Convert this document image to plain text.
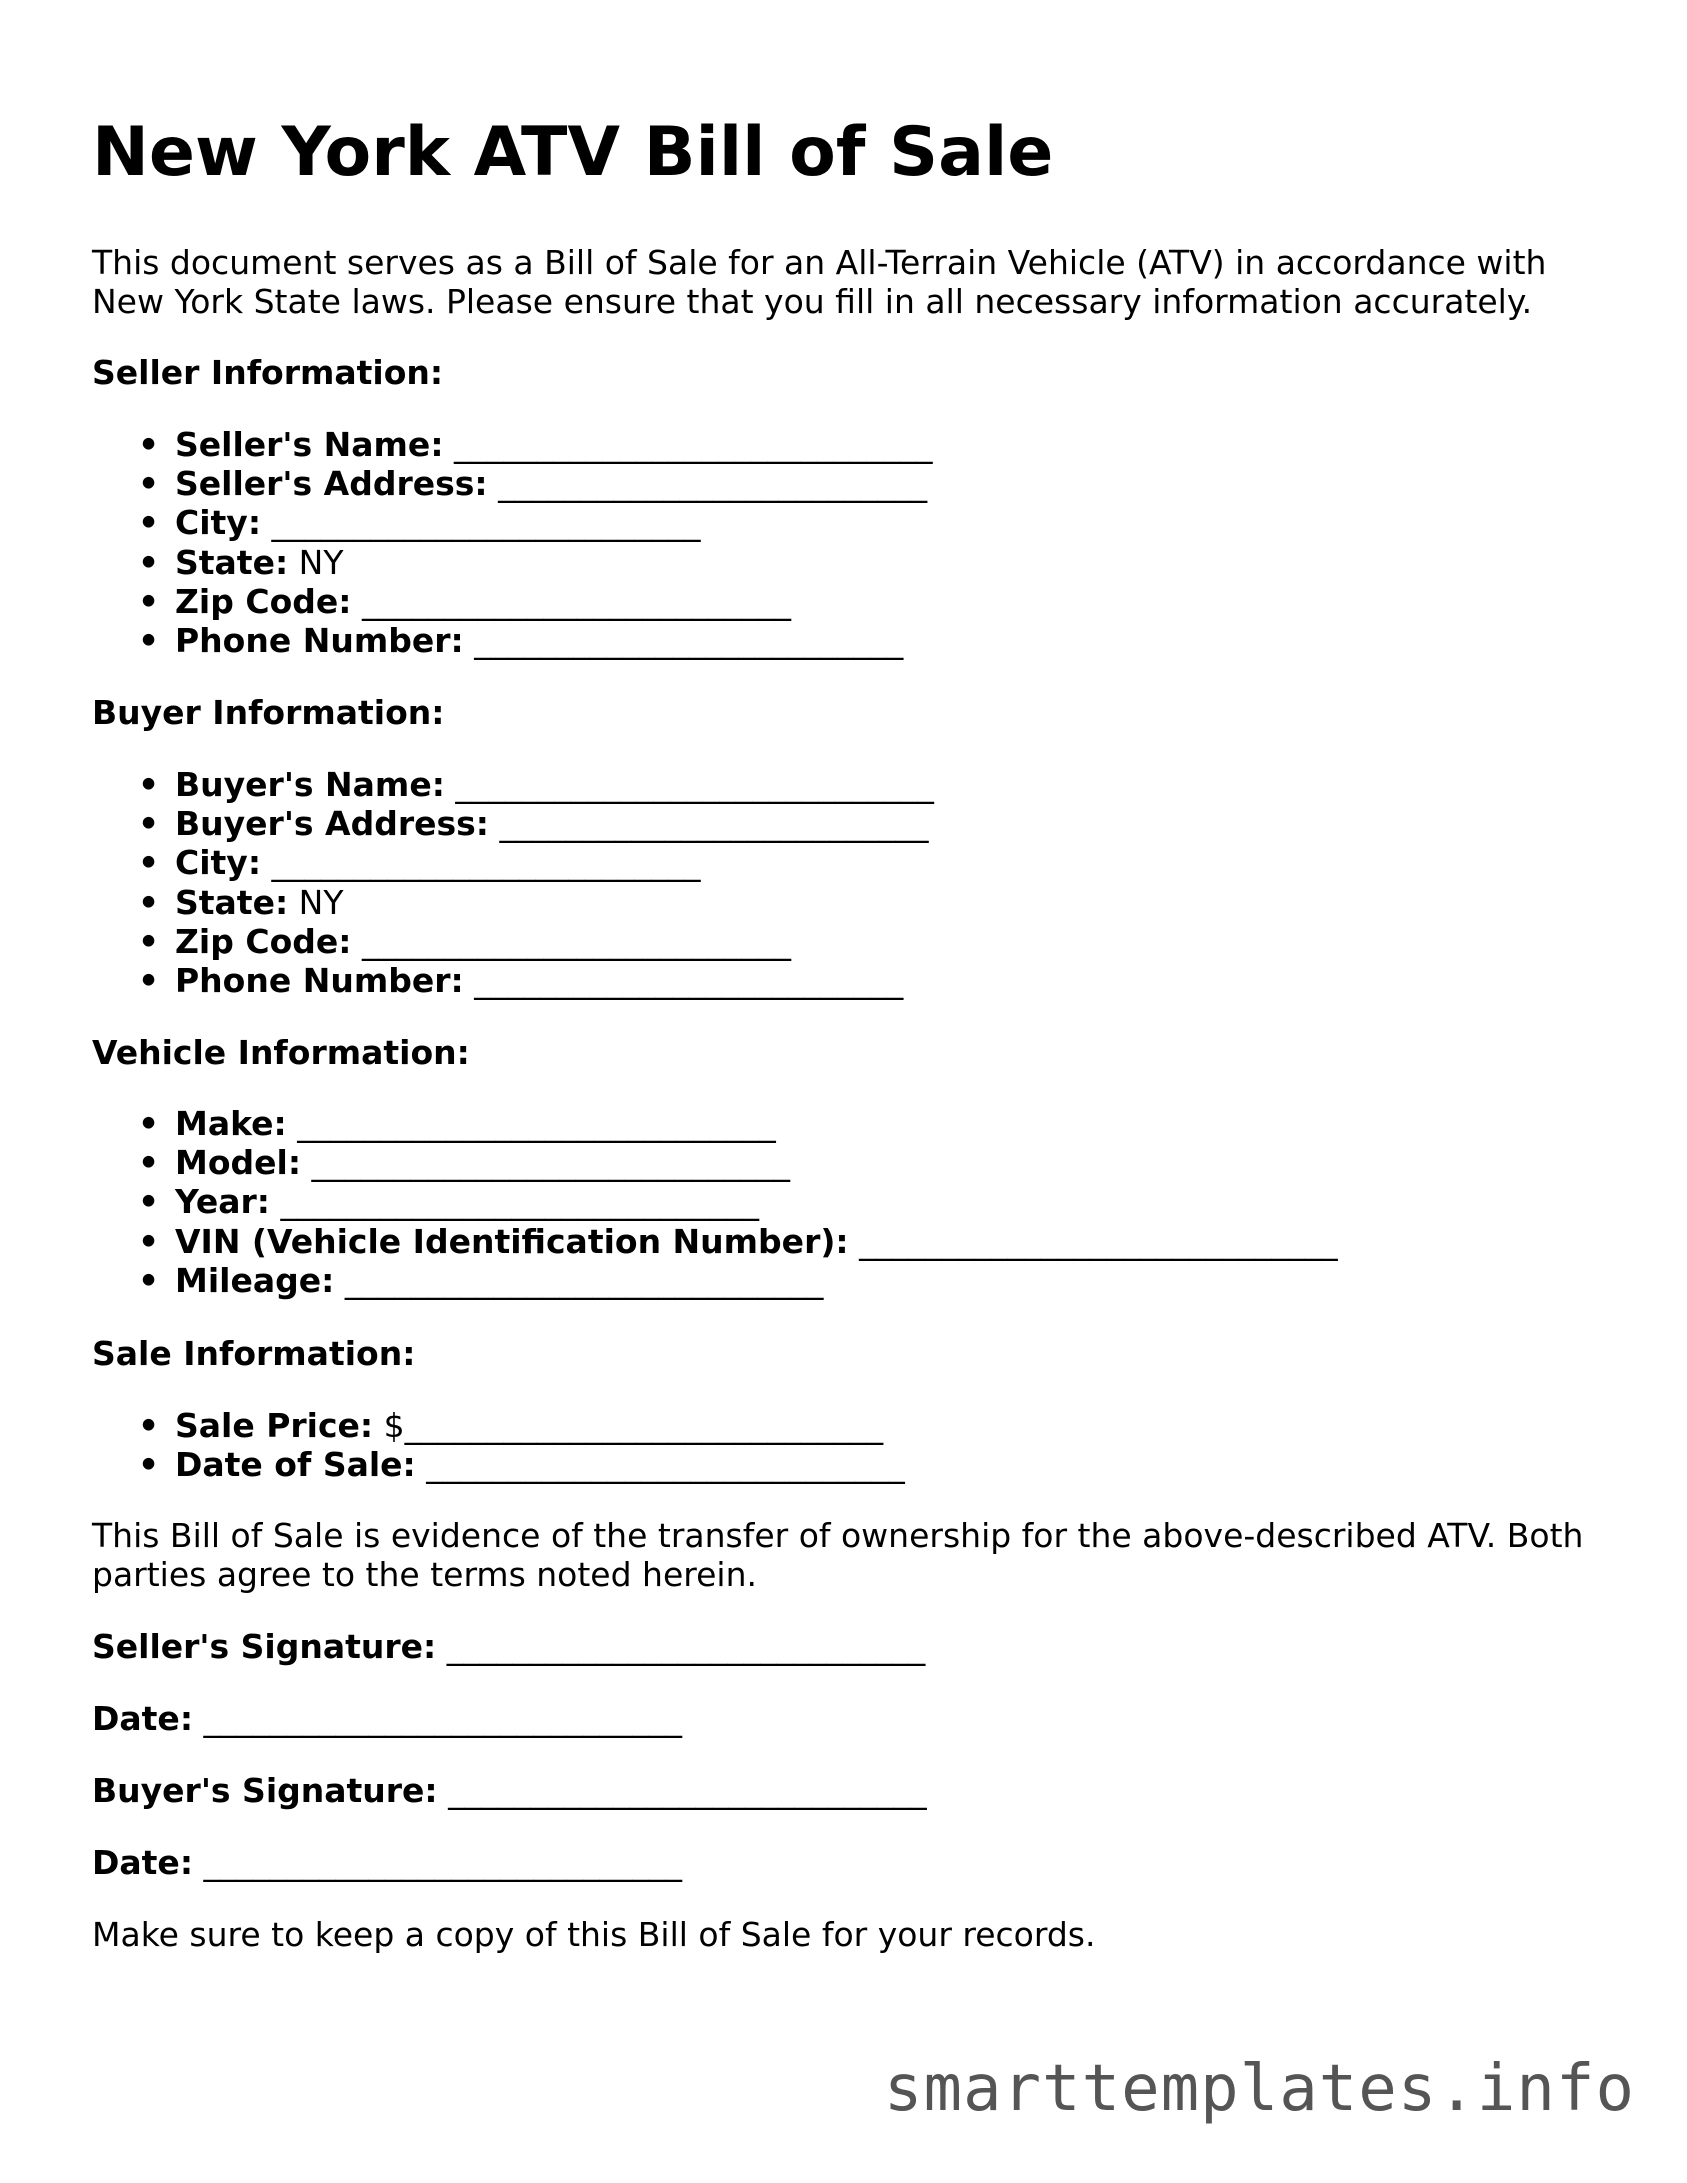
New York ATV Bill of Sale

This document serves as a Bill of Sale for an All-Terrain Vehicle (ATV) in accordance with

New York State laws. Please ensure that you fill in all necessary information accurately.

Seller Information:

• Seller's Name: _____________________________
• Seller's Address: __________________________
• City: __________________________
• State: NY
• Zip Code: __________________________
• Phone Number: __________________________

Buyer Information:

• Buyer's Name: _____________________________
• Buyer's Address: __________________________
• City: __________________________
• State: NY
• Zip Code: __________________________
• Phone Number: __________________________

Vehicle Information:

• Make: _____________________________
• Model: _____________________________
• Year: _____________________________
• VIN (Vehicle Identification Number): _____________________________
• Mileage: _____________________________

Sale Information:

• Sale Price: $_____________________________
• Date of Sale: _____________________________

This Bill of Sale is evidence of the transfer of ownership for the above-described ATV. Both

parties agree to the terms noted herein.

Seller's Signature: _____________________________

Date: _____________________________

Buyer's Signature: _____________________________

Date: _____________________________

Make sure to keep a copy of this Bill of Sale for your records.

smarttemplates.info
